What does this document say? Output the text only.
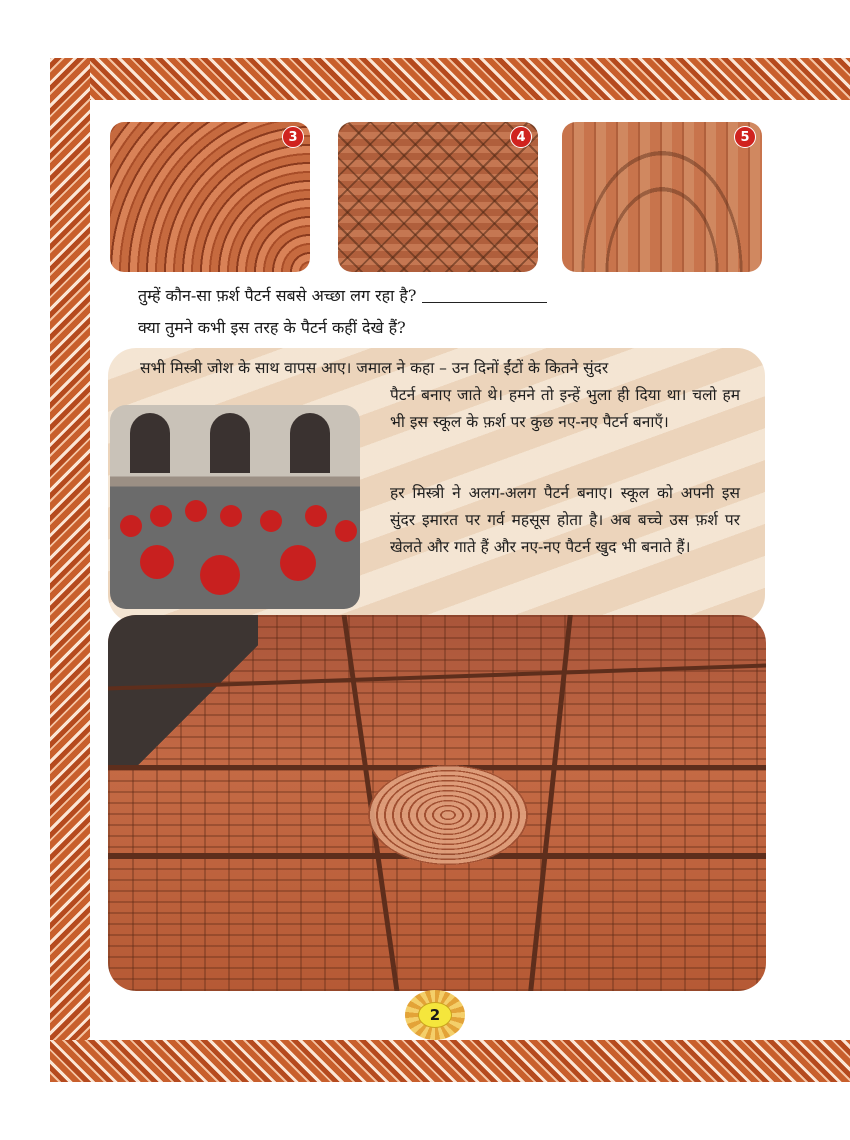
3	4	5
तुम्हें कौन-सा फ़र्श पैटर्न सबसे अच्छा लग रहा है?
क्या तुमने कभी इस तरह के पैटर्न कहीं देखे हैं?
सभी मिस्त्री जोश के साथ वापस आए। जमाल ने कहा – उन दिनों ईंटों के कितने सुंदर
पैटर्न बनाए जाते थे। हमने तो इन्हें भुला ही दिया था। चलो हम भी इस स्कूल के फ़र्श पर कुछ नए-नए पैटर्न बनाएँ।
हर मिस्त्री ने अलग-अलग पैटर्न बनाए। स्कूल को अपनी इस सुंदर इमारत पर गर्व महसूस होता है। अब बच्चे उस फ़र्श पर खेलते और गाते हैं और नए-नए पैटर्न खुद भी बनाते हैं।
2
